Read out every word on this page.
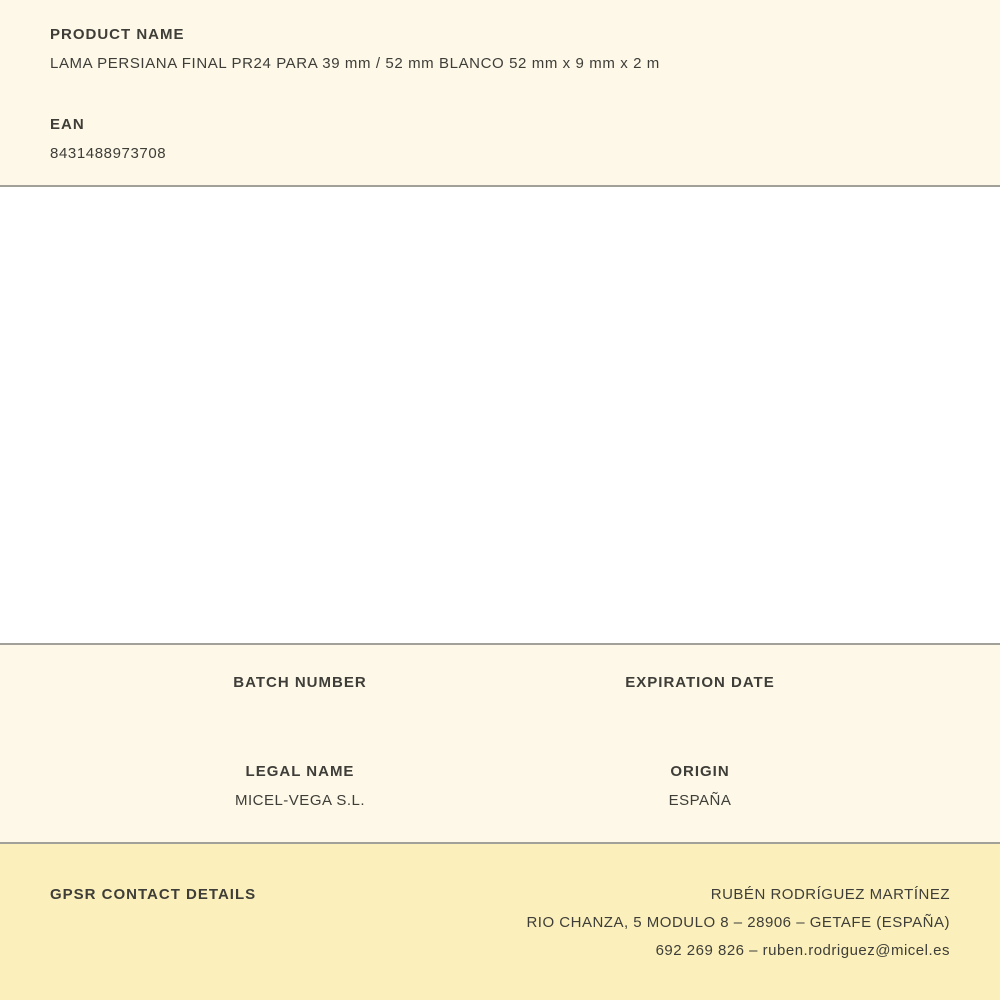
PRODUCT NAME
LAMA PERSIANA FINAL PR24 PARA 39 mm / 52 mm BLANCO 52 mm x 9 mm x 2 m
EAN
8431488973708
BATCH NUMBER
LEGAL NAME
MICEL-VEGA S.L.
EXPIRATION DATE
ORIGIN
ESPAÑA
GPSR CONTACT DETAILS	RUBÉN RODRÍGUEZ MARTÍNEZ
RIO CHANZA, 5 MODULO 8 – 28906 – GETAFE (ESPAÑA)
692 269 826 – ruben.rodriguez@micel.es
